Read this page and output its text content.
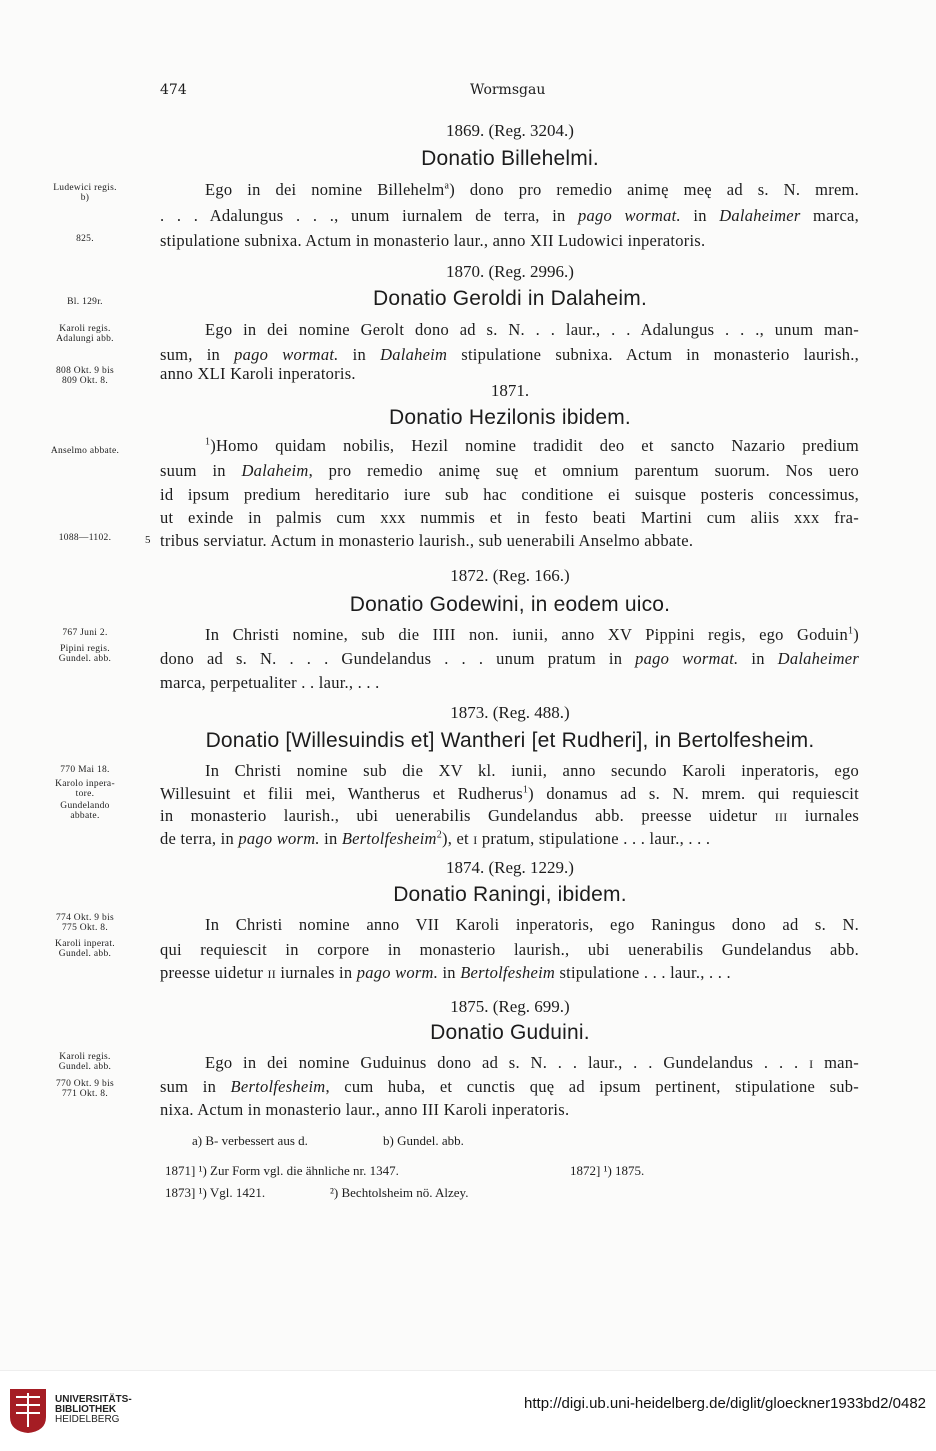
474	Wormsgau
1869. (Reg. 3204.)
Donatio Billehelmi.
Ego in dei nomine Billehelm$^a$) dono pro remedio animę meę ad s. N. mrem.
. . . Adalungus . . ., unum iurnalem de terra, in pago wormat. in Dalaheimer marca,
stipulatione subnixa. Actum in monasterio laur., anno XII Ludowici inperatoris.
1870. (Reg. 2996.)
Donatio Geroldi in Dalaheim.
Ego in dei nomine Gerolt dono ad s. N. . . laur., . . Adalungus . . ., unum man-
sum, in pago wormat. in Dalaheim stipulatione subnixa. Actum in monasterio laurish.,
anno XLI Karoli inperatoris.
1871.
Donatio Hezilonis ibidem.
$^1$)Homo quidam nobilis, Hezil nomine tradidit deo et sancto Nazario predium
suum in Dalaheim, pro remedio animę suę et omnium parentum suorum. Nos uero
id ipsum predium hereditario iure sub hac conditione ei suisque posteris concessimus,
ut exinde in palmis cum xxx nummis et in festo beati Martini cum aliis xxx fra-
tribus serviatur. Actum in monasterio laurish., sub uenerabili Anselmo abbate.
1872. (Reg. 166.)
Donatio Godewini, in eodem uico.
In Christi nomine, sub die IIII non. iunii, anno XV Pippini regis, ego Goduin$^1$)
dono ad s. N. . . . Gundelandus . . . unum pratum in pago wormat. in Dalaheimer
marca, perpetualiter . . laur., . . .
1873. (Reg. 488.)
Donatio [Willesuindis et] Wantheri [et Rudheri], in Bertolfesheim.
In Christi nomine sub die XV kl. iunii, anno secundo Karoli inperatoris, ego
Willesuint et filii mei, Wantherus et Rudherus$^1$) donamus ad s. N. mrem. qui requiescit
in monasterio laurish., ubi uenerabilis Gundelandus abb. preesse uidetur iii iurnales
de terra, in pago worm. in Bertolfesheim$^2$), et i pratum, stipulatione . . . laur., . . .
1874. (Reg. 1229.)
Donatio Raningi, ibidem.
In Christi nomine anno VII Karoli inperatoris, ego Raningus dono ad s. N.
qui requiescit in corpore in monasterio laurish., ubi uenerabilis Gundelandus abb.
preesse uidetur ii iurnales in pago worm. in Bertolfesheim stipulatione . . . laur., . . .
1875. (Reg. 699.)
Donatio Guduini.
Ego in dei nomine Guduinus dono ad s. N. . . laur., . . Gundelandus . . . i man-
sum in Bertolfesheim, cum huba, et cunctis quę ad ipsum pertinent, stipulatione sub-
nixa. Actum in monasterio laur., anno III Karoli inperatoris.
Ludewici regis.
b)
825.
Bl. 129r.
Karoli regis.
Adalungi abb.
808 Okt. 9 bis
809 Okt. 8.
Anselmo abbate.
1088—1102.
767 Juni 2.
Pipini regis.
Gundel. abb.
770 Mai 18.
Karolo inpera-
tore.
Gundelando
abbate.
774 Okt. 9 bis
775 Okt. 8.
Karoli inperat.
Gundel. abb.
Karoli regis.
Gundel. abb.
770 Okt. 9 bis
771 Okt. 8.
5
a) B- verbessert aus d.	b) Gundel. abb.
1871] ¹) Zur Form vgl. die ähnliche nr. 1347.	1872] ¹) 1875.
1873] ¹) Vgl. 1421.	²) Bechtolsheim nö. Alzey.
UNIVERSITÄTS-
BIBLIOTHEK
HEIDELBERG
http://digi.ub.uni-heidelberg.de/diglit/gloeckner1933bd2/0482
